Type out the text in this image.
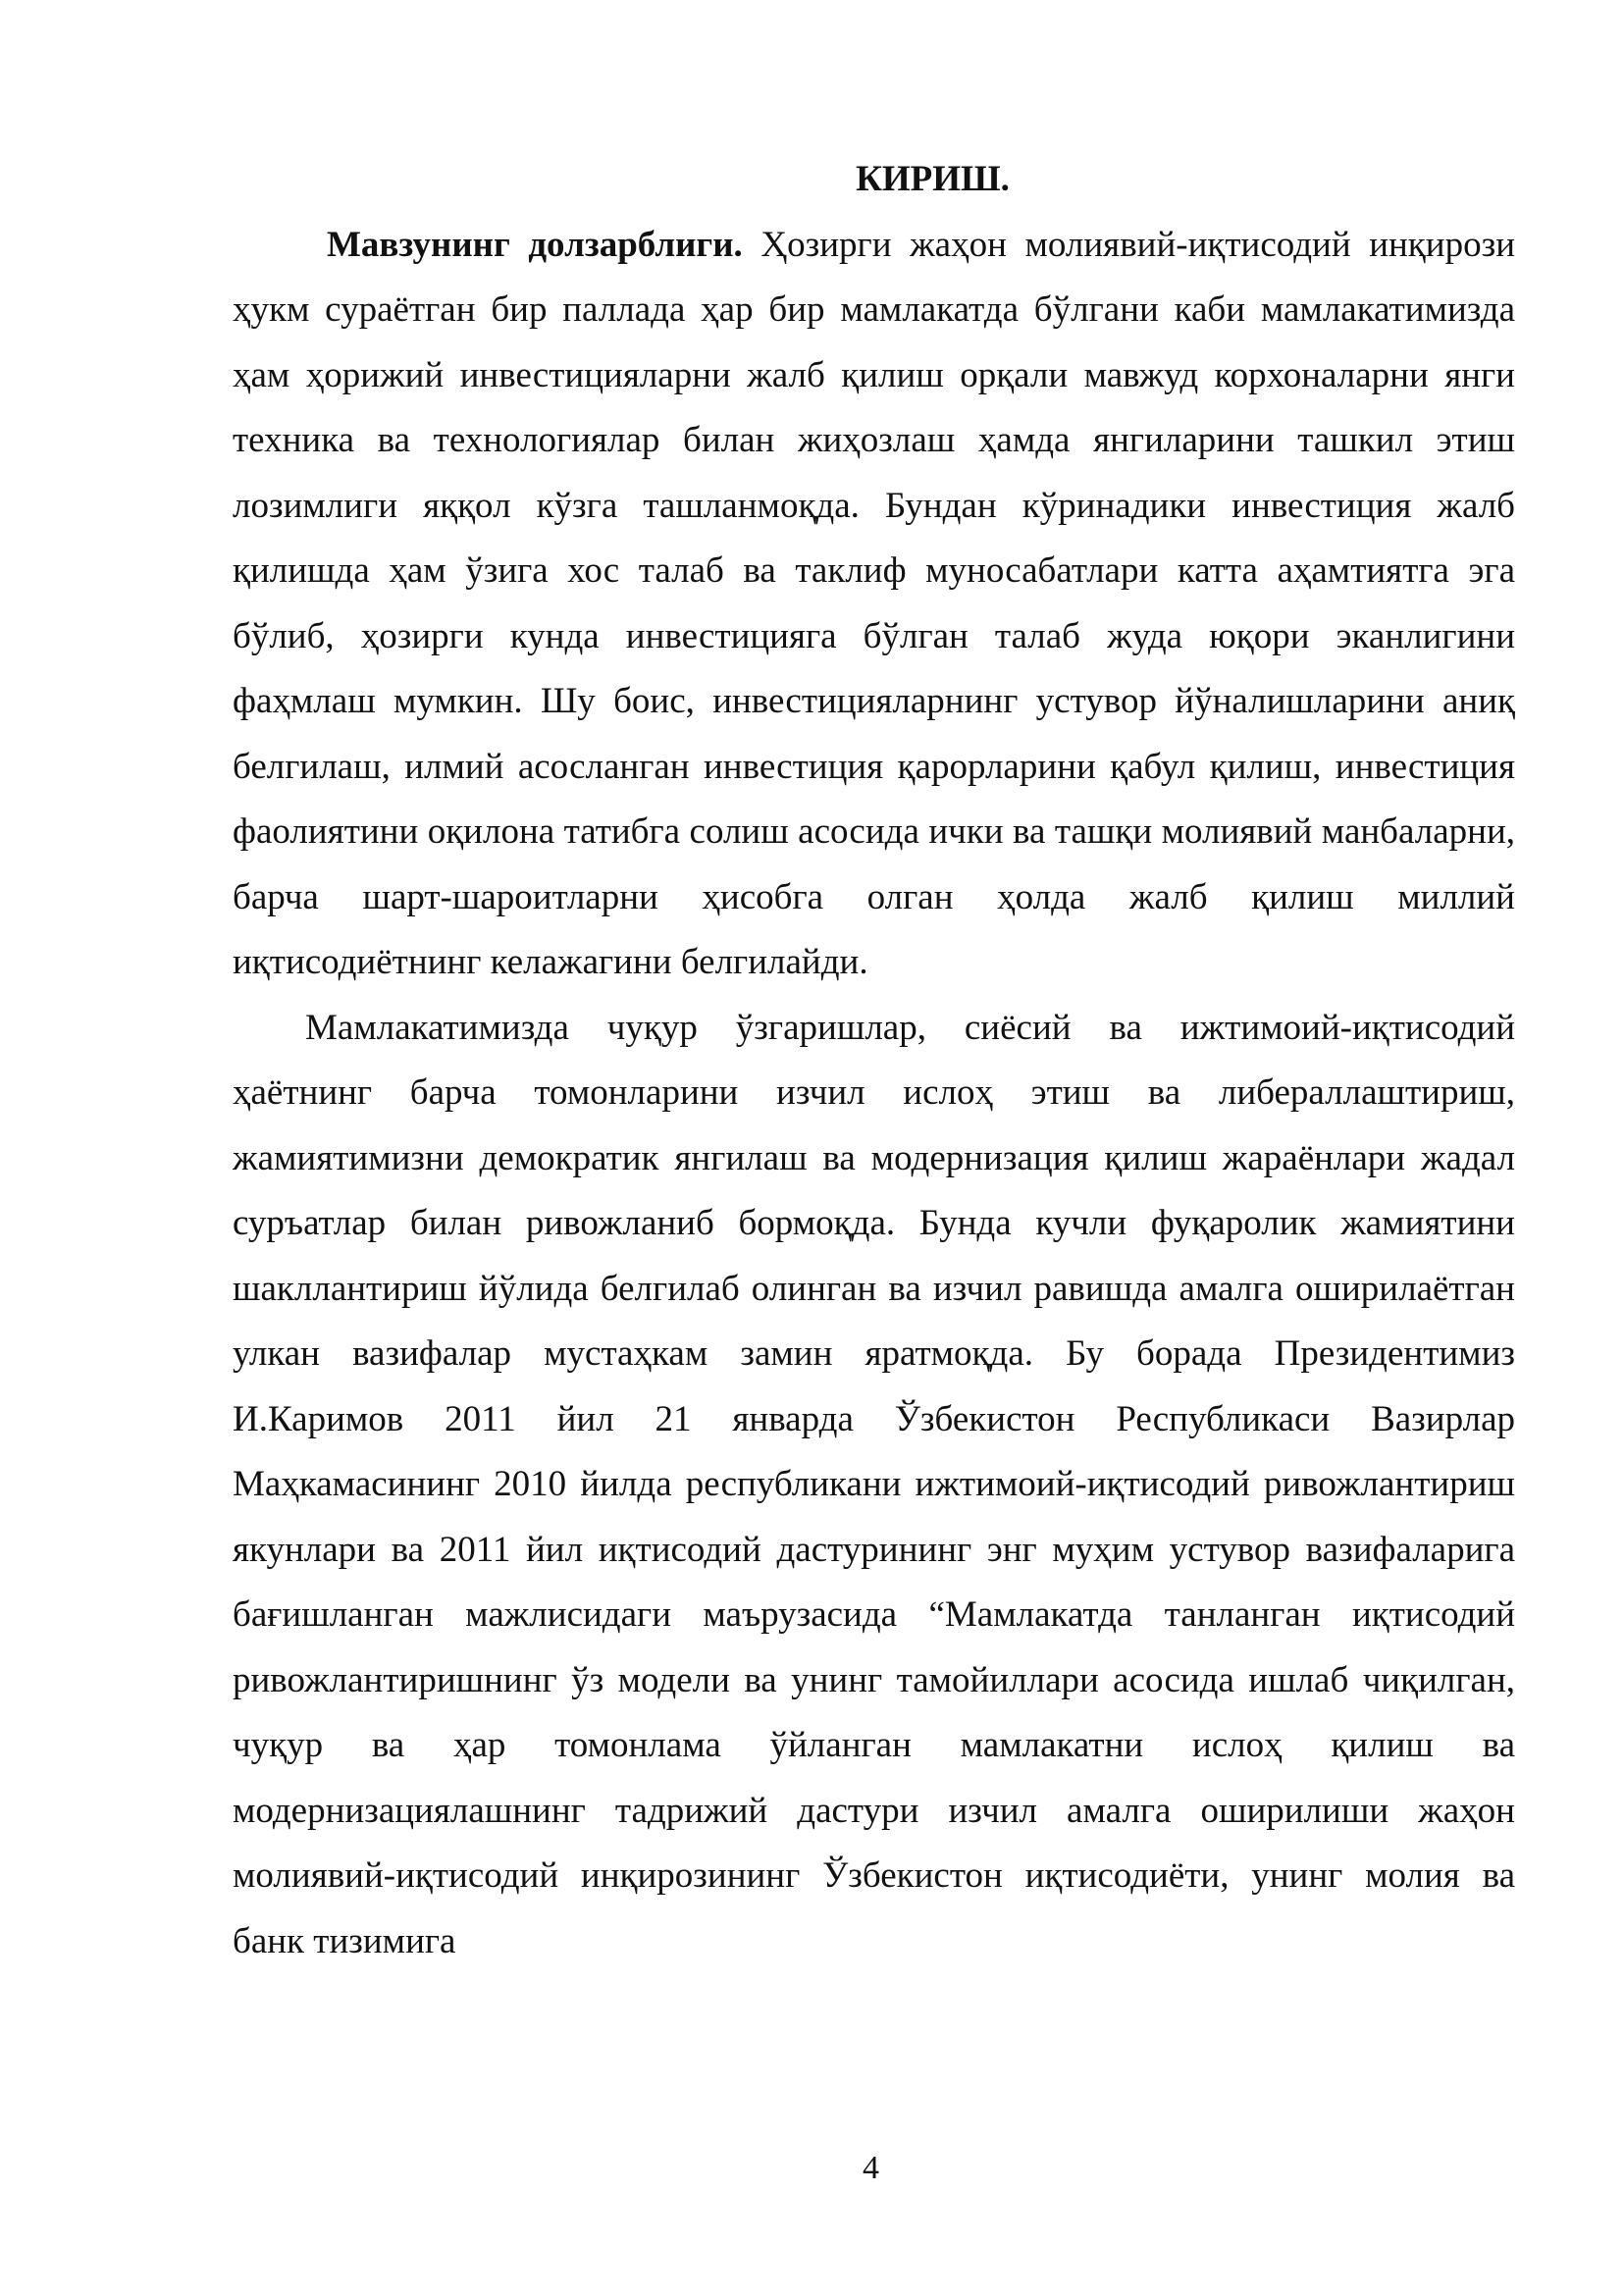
КИРИШ.

Мавзунинг долзарблиги. Ҳозирги жаҳон молиявий-иқтисодий инқирози ҳукм сураётган бир паллада ҳар бир мамлакатда бўлгани каби мамлакатимизда ҳам ҳорижий инвестицияларни жалб қилиш орқали мавжуд корхоналарни янги техника ва технологиялар билан жиҳозлаш ҳамда янгиларини ташкил этиш лозимлиги яққол кўзга ташланмоқда. Бундан кўринадики инвестиция жалб қилишда ҳам ўзига хос талаб ва таклиф муносабатлари катта аҳамтиятга эга бўлиб, ҳозирги кунда инвестицияга бўлган талаб жуда юқори эканлигини фаҳмлаш мумкин. Шу боис, инвестицияларнинг устувор йўналишларини аниқ белгилаш, илмий асосланган инвестиция қарорларини қабул қилиш, инвестиция фаолиятини оқилона татибга солиш асосида ички ва ташқи молиявий манбаларни, барча шарт-шароитларни ҳисобга олган ҳолда жалб қилиш миллий иқтисодиётнинг келажагини белгилайди.

Мамлакатимизда чуқур ўзгаришлар, сиёсий ва ижтимоий-иқтисодий ҳаётнинг барча томонларини изчил ислоҳ этиш ва либераллаштириш, жамиятимизни демократик янгилаш ва модернизация қилиш жараёнлари жадал суръатлар билан ривожланиб бормоқда. Бунда кучли фуқаролик жамиятини шакллантириш йўлида белгилаб олинган ва изчил равишда амалга оширилаётган улкан вазифалар мустаҳкам замин яратмоқда. Бу борада Президентимиз И.Каримов 2011 йил 21 январда Ўзбекистон Республикаси Вазирлар Маҳкамасининг 2010 йилда республикани ижтимоий-иқтисодий ривожлантириш якунлари ва 2011 йил иқтисодий дастурининг энг муҳим устувор вазифаларига бағишланган мажлисидаги маърузасида “Мамлакатда танланган иқтисодий ривожлантиришнинг ўз модели ва унинг тамойиллари асосида ишлаб чиқилган, чуқур ва ҳар томонлама ўйланган мамлакатни ислоҳ қилиш ва модернизациялашнинг тадрижий дастури изчил амалга оширилиши жаҳон молиявий-иқтисодий инқирозининг Ўзбекистон иқтисодиёти, унинг молия ва банк тизимига

4
